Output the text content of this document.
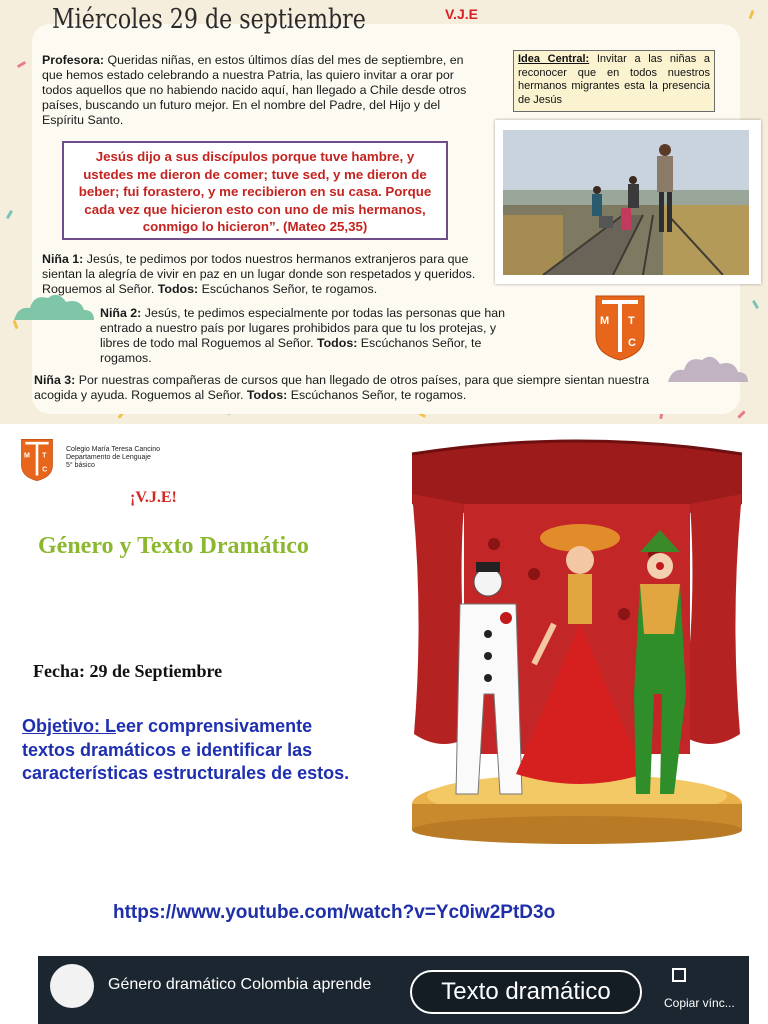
Miércoles 29 de septiembre	V.J.E
Profesora: Queridas niñas, en estos últimos días del mes de septiembre, en que hemos estado celebrando a nuestra Patria, las quiero invitar a orar por todos aquellos que no habiendo nacido aquí, han llegado a Chile desde otros países, buscando un futuro mejor. En el nombre del Padre, del Hijo y del Espíritu Santo.
Idea Central: Invitar a las niñas a reconocer que en todos nuestros hermanos migrantes esta la presencia de Jesús
Jesús dijo a sus discípulos porque tuve hambre, y ustedes me dieron de comer; tuve sed, y me dieron de beber; fui forastero, y me recibieron en su casa. Porque cada vez que hicieron esto con uno de mis hermanos, conmigo lo hicieron”. (Mateo 25,35)
Niña 1: Jesús, te pedimos por todos nuestros hermanos extranjeros para que sientan la alegría de vivir en paz en un lugar donde son respetados y queridos. Roguemos al Señor. Todos: Escúchanos Señor, te rogamos.
Niña 2: Jesús, te pedimos especialmente por todas las personas que han entrado a nuestro país por lugares prohibidos para que tu los protejas, y libres de todo mal Roguemos al Señor. Todos: Escúchanos Señor, te rogamos.
Niña 3: Por nuestras compañeras de cursos que han llegado de otros países, para que siempre sientan nuestra acogida y ayuda. Roguemos al Señor. Todos: Escúchanos Señor, te rogamos.
M T
C
M T
C
Colegio María Teresa Cancino
Departamento de Lenguaje
5° básico
¡V.J.E!
Género y Texto Dramático
Fecha: 29 de Septiembre
Objetivo: Leer comprensivamente textos dramáticos e identificar las características estructurales de estos.
https://www.youtube.com/watch?v=Yc0iw2PtD3o
Género dramático Colombia aprende	Texto dramático	Copiar vínc...
